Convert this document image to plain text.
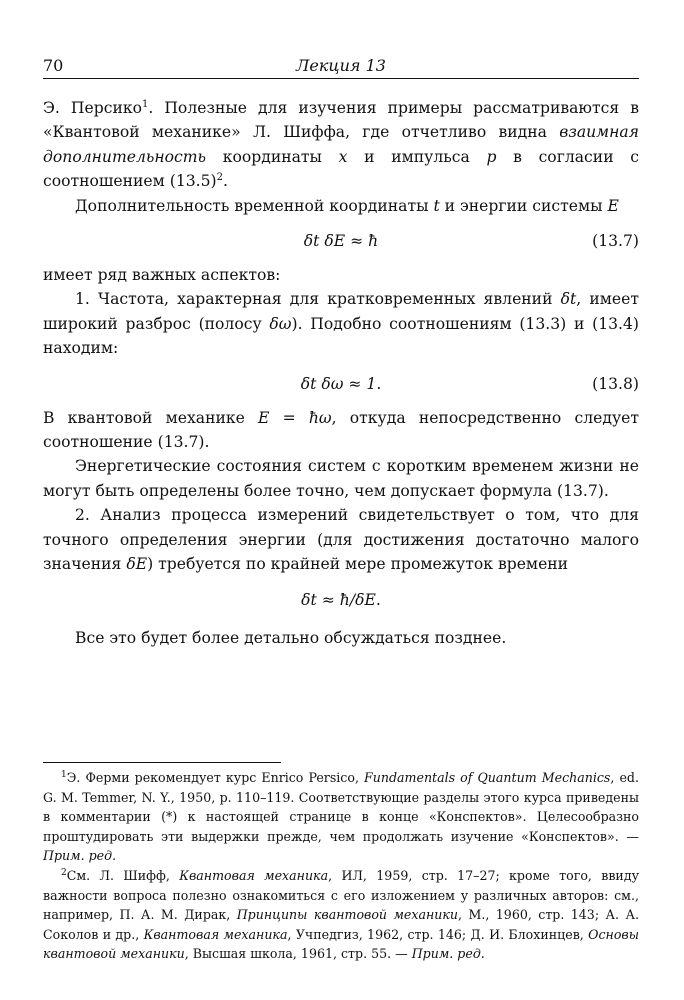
70	Лекция 13

Э. Персико$^1$. Полезные для изучения примеры рассматриваются в «Квантовой механике» Л. Шиффа, где отчетливо видна взаимная дополнительность координаты x и импульса p в согласии с соотношением $(13.5)^2$.

Дополнительность временной координаты t и энергии системы E

δt δE ≈ ħ	(13.7)

имеет ряд важных аспектов:

1. Частота, характерная для кратковременных явлений δt, имеет широкий разброс (полосу δω). Подобно соотношениям (13.3) и (13.4) находим:

δt δω ≈ 1.	(13.8)

В квантовой механике E = ħω, откуда непосредственно следует соотношение (13.7).

Энергетические состояния систем с коротким временем жизни не могут быть определены более точно, чем допускает формула (13.7).

2. Анализ процесса измерений свидетельствует о том, что для точного определения энергии (для достижения достаточно малого значения δE) требуется по крайней мере промежуток времени

δt ≈ ħ/δE.

Все это будет более детально обсуждаться позднее.

$^1$Э. Ферми рекомендует курс Enrico Persico, Fundamentals of Quantum Mechanics, ed. G. M. Temmer, N. Y., 1950, p. 110–119. Соответствующие разделы этого курса приведены в комментарии (*) к настоящей странице в конце «Конспектов». Целесообразно проштудировать эти выдержки прежде, чем продолжать изучение «Конспектов». — Прим. ред.

$^2$См. Л. Шифф, Квантовая механика, ИЛ, 1959, стр. 17–27; кроме того, ввиду важности вопроса полезно ознакомиться с его изложением у различных авторов: см., например, П. А. М. Дирак, Принципы квантовой механики, М., 1960, стр. 143; А. А. Соколов и др., Квантовая механика, Учпедгиз, 1962, стр. 146; Д. И. Блохинцев, Основы квантовой механики, Высшая школа, 1961, стр. 55. — Прим. ред.
